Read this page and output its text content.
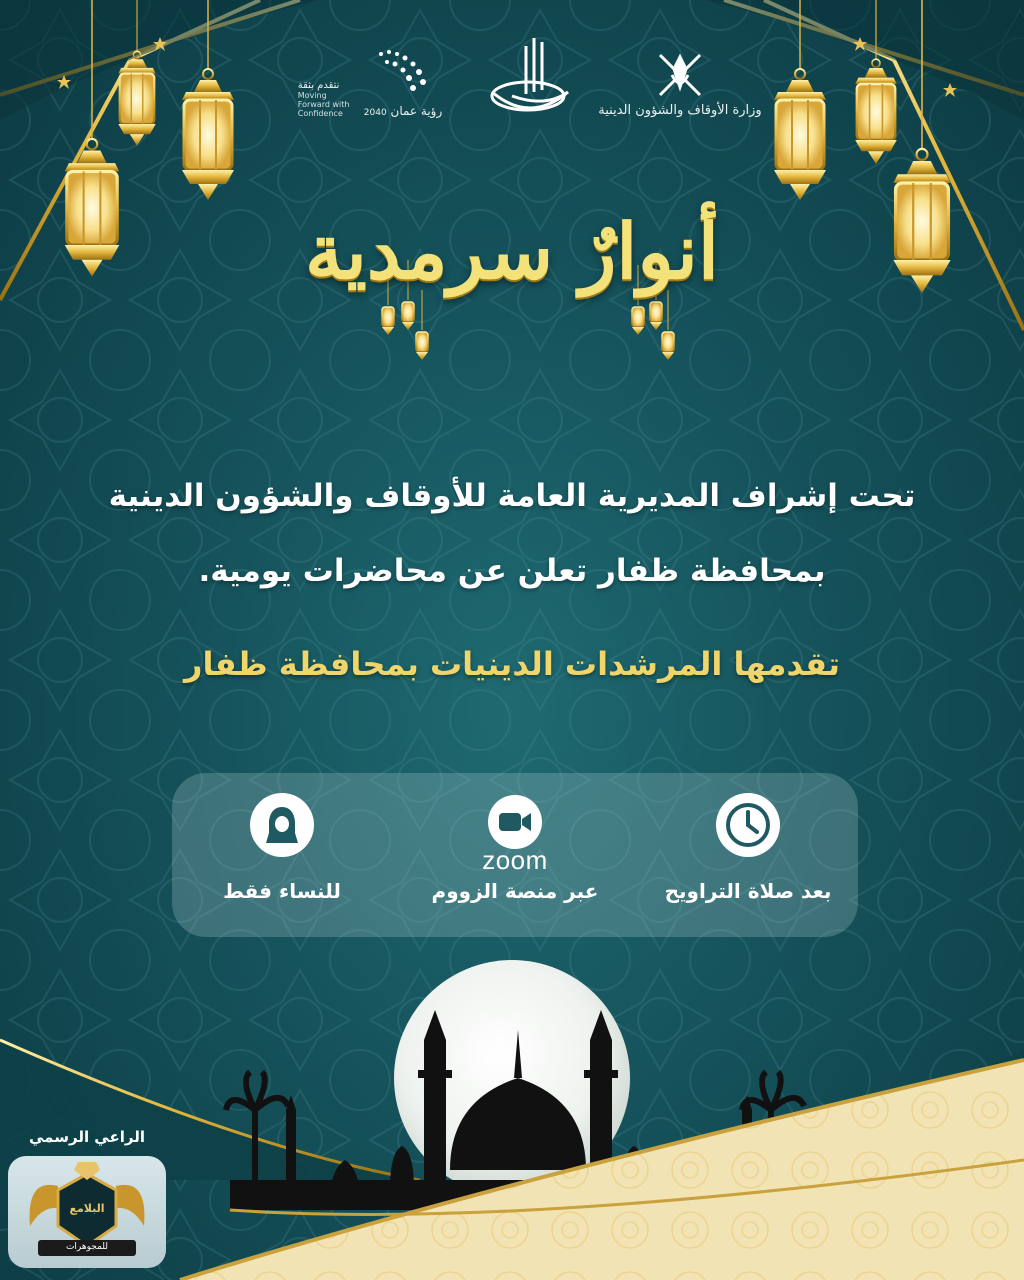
وزارة الأوقاف والشؤون الدينية
نتقدم بثقة
Moving Forward with Confidence	رؤية عمان 2040
أنوارٌ سرمدية
تحت إشراف المديرية العامة للأوقاف والشؤون الدينية
بمحافظة ظفار تعلن عن محاضرات يومية.
تقدمها المرشدات الدينيات بمحافظة ظفار
بعد صلاة التراويح
zoom
عبر منصة الزووم
للنساء فقط
الراعي الرسمي
البلامع
للمجوهرات
